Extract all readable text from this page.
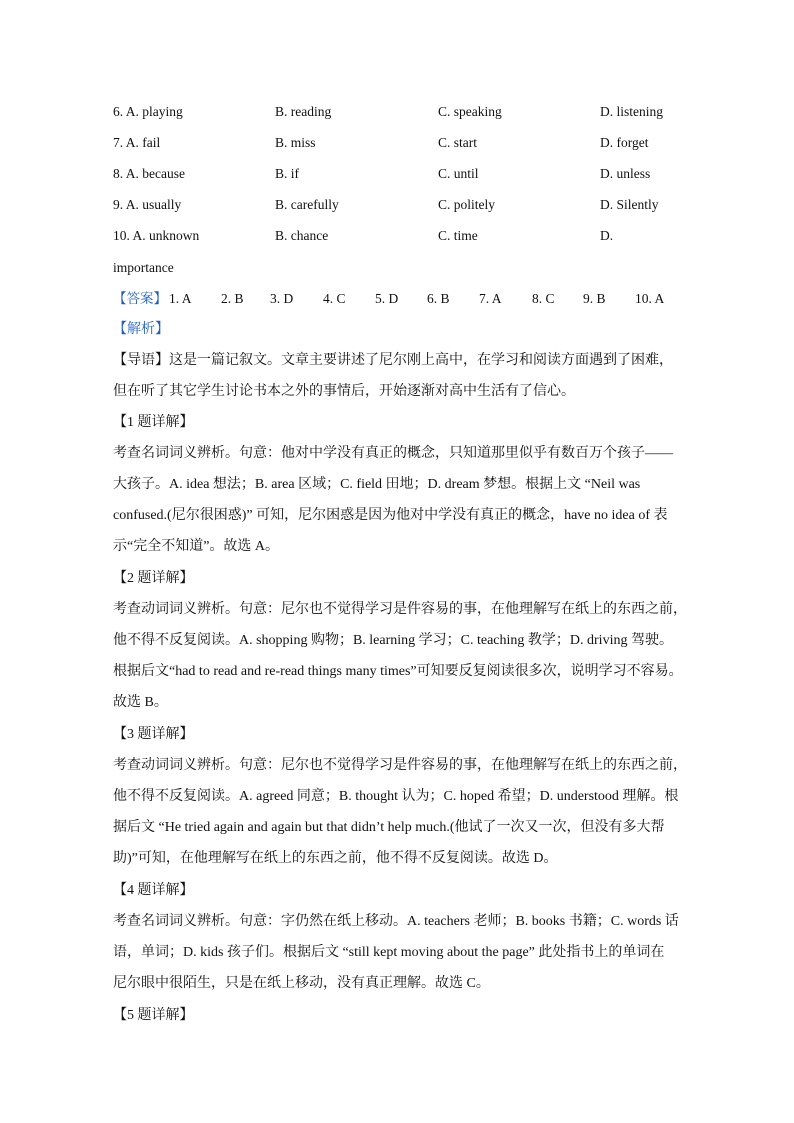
6. A. playing	B. reading	C. speaking	D. listening
7. A. fail	B. miss	C. start	D. forget
8. A. because	B. if	C. until	D. unless
9. A. usually	B. carefully	C. politely	D. Silently
10. A. unknown	B. chance	C. time	D.
importance
【答案】 1. A 2. B 3. D 4. C 5. D 6. B 7. A 8. C 9. B 10. A
【解析】
【导语】这是一篇记叙文。文章主要讲述了尼尔刚上高中，在学习和阅读方面遇到了困难，
但在听了其它学生讨论书本之外的事情后，开始逐渐对高中生活有了信心。
【1 题详解】
考查名词词义辨析。句意：他对中学没有真正的概念，只知道那里似乎有数百万个孩子——
大孩子。A. idea 想法；B. area 区域；C. field 田地；D. dream 梦想。根据上文 “Neil was
confused.(尼尔很困惑)” 可知，尼尔困惑是因为他对中学没有真正的概念，have no idea of 表
示“完全不知道”。故选 A。
【2 题详解】
考查动词词义辨析。句意：尼尔也不觉得学习是件容易的事，在他理解写在纸上的东西之前，
他不得不反复阅读。A. shopping 购物；B. learning 学习；C. teaching 教学；D. driving 驾驶。
根据后文“had to read and re-read things many times”可知要反复阅读很多次，说明学习不容易。
故选 B。
【3 题详解】
考查动词词义辨析。句意：尼尔也不觉得学习是件容易的事，在他理解写在纸上的东西之前，
他不得不反复阅读。A. agreed 同意；B. thought 认为；C. hoped 希望；D. understood 理解。根
据后文 “He tried again and again but that didn’t help much.(他试了一次又一次，但没有多大帮
助)”可知，在他理解写在纸上的东西之前，他不得不反复阅读。故选 D。
【4 题详解】
考查名词词义辨析。句意：字仍然在纸上移动。A. teachers 老师；B. books 书籍；C. words 话
语，单词；D. kids 孩子们。根据后文 “still kept moving about the page” 此处指书上的单词在
尼尔眼中很陌生，只是在纸上移动，没有真正理解。故选 C。
【5 题详解】
